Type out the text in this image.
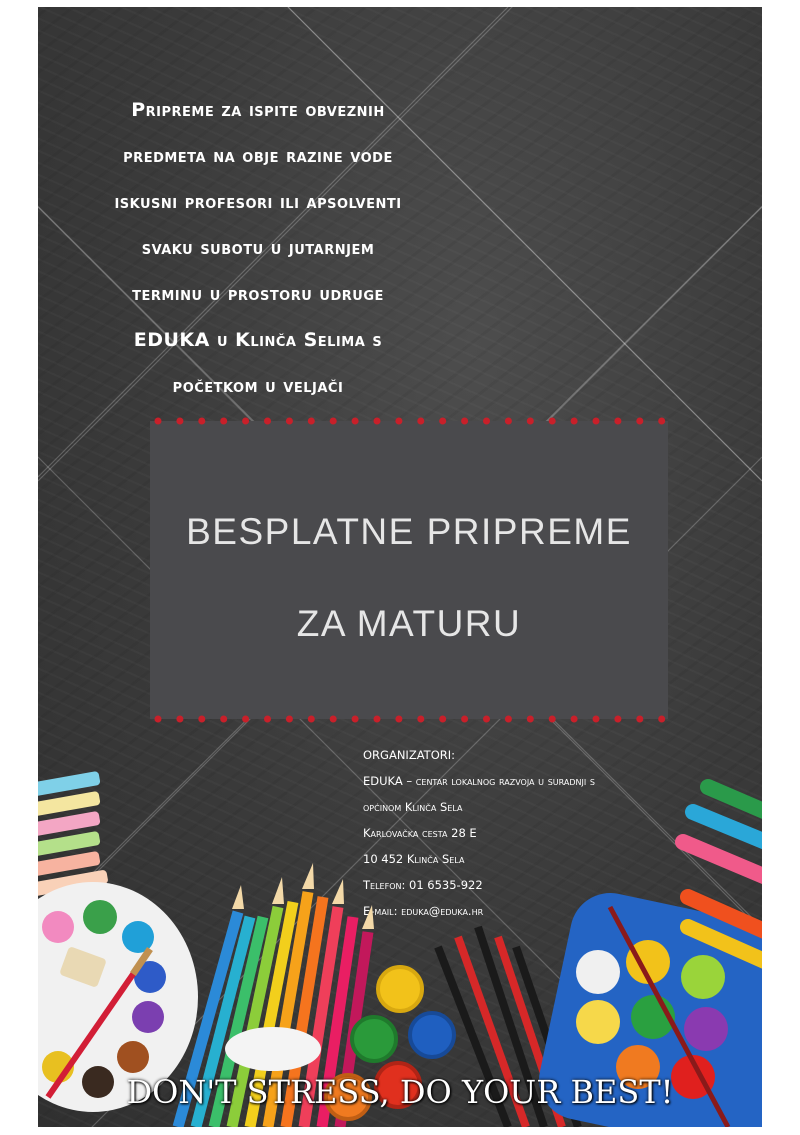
Pripreme za ispite obveznih
predmeta na obje razine vode
iskusni profesori ili apsolventi
svaku subotu u jutarnjem
terminu u prostoru udruge
EDUKA u Klinča Selima s
početkom u veljači
BESPLATNE PRIPREME
ZA MATURU
ORGANIZATORI:
EDUKA – centar lokalnog razvoja u suradnji s
općinom Klinča Sela
Karlovačka cesta 28 E
10 452 Klinča Sela
Telefon: 01 6535-922
E-mail: eduka@eduka.hr
DON'T STRESS, DO YOUR BEST!
